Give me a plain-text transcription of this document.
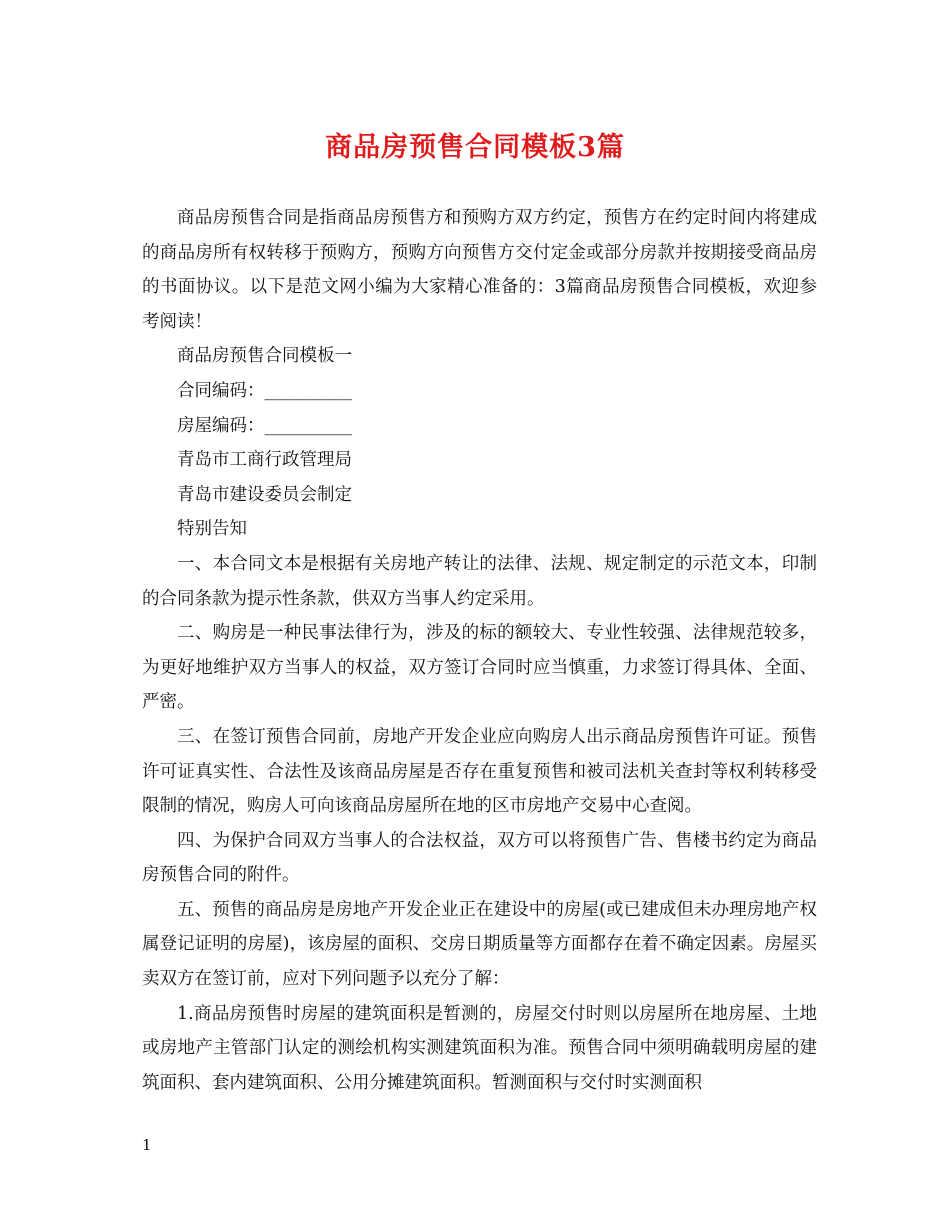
商品房预售合同模板3篇

商品房预售合同是指商品房预售方和预购方双方约定，预售方在约定时间内将建成的商品房所有权转移于预购方，预购方向预售方交付定金或部分房款并按期接受商品房的书面协议。以下是范文网小编为大家精心准备的：3篇商品房预售合同模板，欢迎参考阅读！

商品房预售合同模板一

合同编码：__________

房屋编码：__________

青岛市工商行政管理局

青岛市建设委员会制定

特别告知

一、本合同文本是根据有关房地产转让的法律、法规、规定制定的示范文本，印制的合同条款为提示性条款，供双方当事人约定采用。

二、购房是一种民事法律行为，涉及的标的额较大、专业性较强、法律规范较多，为更好地维护双方当事人的权益，双方签订合同时应当慎重，力求签订得具体、全面、严密。

三、在签订预售合同前，房地产开发企业应向购房人出示商品房预售许可证。预售许可证真实性、合法性及该商品房屋是否存在重复预售和被司法机关查封等权利转移受限制的情况，购房人可向该商品房屋所在地的区市房地产交易中心查阅。

四、为保护合同双方当事人的合法权益，双方可以将预售广告、售楼书约定为商品房预售合同的附件。

五、预售的商品房是房地产开发企业正在建设中的房屋(或已建成但未办理房地产权属登记证明的房屋)，该房屋的面积、交房日期质量等方面都存在着不确定因素。房屋买卖双方在签订前，应对下列问题予以充分了解：

1.商品房预售时房屋的建筑面积是暂测的，房屋交付时则以房屋所在地房屋、土地或房地产主管部门认定的测绘机构实测建筑面积为准。预售合同中须明确载明房屋的建筑面积、套内建筑面积、公用分摊建筑面积。暂测面积与交付时实测面积

1
